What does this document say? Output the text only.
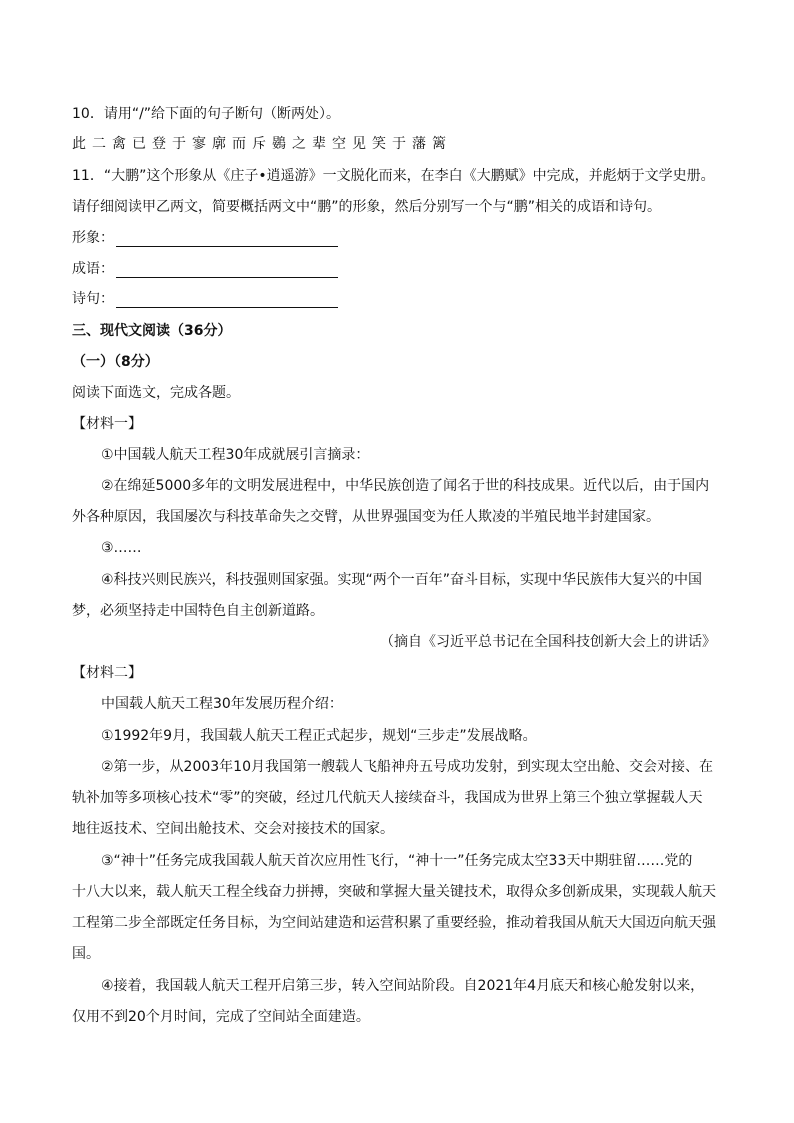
10．请用“/”给下面的句子断句（断两处）。
此二禽已登于寥廓而斥鷃之辈空见笑于藩篱
11．“大鹏”这个形象从《庄子•逍遥游》一文脱化而来，在李白《大鹏赋》中完成，并彪炳于文学史册。
请仔细阅读甲乙两文，简要概括两文中“鹏”的形象，然后分别写一个与“鹏”相关的成语和诗句。
形象：
成语：
诗句：
三、现代文阅读（36分）
（一）（8分）
阅读下面选文，完成各题。
【材料一】
①中国载人航天工程30年成就展引言摘录：
②在绵延5000多年的文明发展进程中，中华民族创造了闻名于世的科技成果。近代以后，由于国内
外各种原因，我国屡次与科技革命失之交臂，从世界强国变为任人欺凌的半殖民地半封建国家。
③……
④科技兴则民族兴，科技强则国家强。实现“两个一百年”奋斗目标，实现中华民族伟大复兴的中国
梦，必须坚持走中国特色自主创新道路。
（摘自《习近平总书记在全国科技创新大会上的讲话》
【材料二】
中国载人航天工程30年发展历程介绍：
①1992年9月，我国载人航天工程正式起步，规划“三步走”发展战略。
②第一步，从2003年10月我国第一艘载人飞船神舟五号成功发射，到实现太空出舱、交会对接、在
轨补加等多项核心技术“零”的突破，经过几代航天人接续奋斗，我国成为世界上第三个独立掌握载人天
地往返技术、空间出舱技术、交会对接技术的国家。
③“神十”任务完成我国载人航天首次应用性飞行，“神十一”任务完成太空33天中期驻留……党的
十八大以来，载人航天工程全线奋力拼搏，突破和掌握大量关键技术，取得众多创新成果，实现载人航天
工程第二步全部既定任务目标，为空间站建造和运营积累了重要经验，推动着我国从航天大国迈向航天强
国。
④接着，我国载人航天工程开启第三步，转入空间站阶段。自2021年4月底天和核心舱发射以来，
仅用不到20个月时间，完成了空间站全面建造。
